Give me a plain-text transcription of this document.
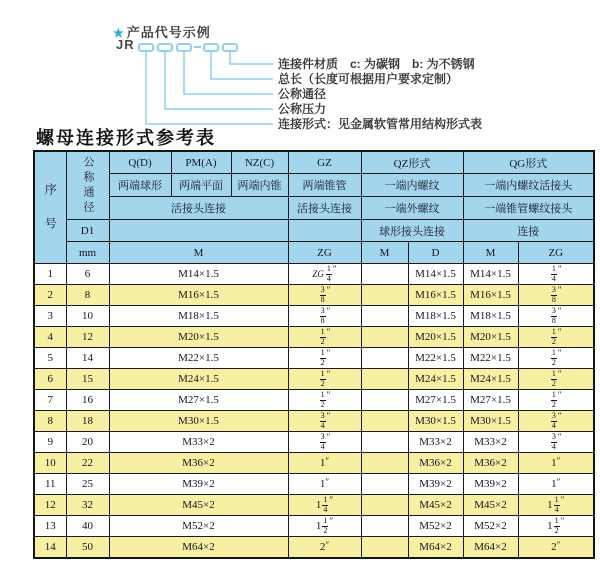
★ 产品代号示例
JR
连接件材质　c: 为碳钢　b: 为不锈钢
总长（长度可根据用户要求定制）
公称通径
公称压力
连接形式：见金属软管常用结构形式表
螺母连接形式参考表
序号	公称通径	Q(D)	PM(A)	NZ(C)	GZ	QZ形式		QG形式	
		两端球形	两端平面	两端内锥	两端锥管	一端内螺纹		一端内螺纹活接头	
		活接头连接			活接头连接	一端外螺纹		一端锥管螺纹接头	
	D1					球形接头连接		连接	
	mm	M			ZG	M	D	M	ZG
1	6	M14×1.5			ZG $\frac{1}{4} ''$		M14×1.5	M14×1.5	$\frac{1}{4} ''$
2	8	M16×1.5			$\frac{3}{8} ''$		M16×1.5	M16×1.5	$\frac{3}{8} ''$
3	10	M18×1.5			$\frac{3}{8} ''$		M18×1.5	M18×1.5	$\frac{3}{8} ''$
4	12	M20×1.5			$\frac{1}{2} ''$		M20×1.5	M20×1.5	$\frac{1}{2} ''$
5	14	M22×1.5			$\frac{1}{2} ''$		M22×1.5	M22×1.5	$\frac{1}{2} ''$
6	15	M24×1.5			$\frac{1}{2} ''$		M24×1.5	M24×1.5	$\frac{1}{2} ''$
7	16	M27×1.5			$\frac{1}{2} ''$		M27×1.5	M27×1.5	$\frac{1}{2} ''$
8	18	M30×1.5			$\frac{3}{4} ''$		M30×1.5	M30×1.5	$\frac{3}{4} ''$
9	20	M33×2			$\frac{3}{4} ''$		M33×2	M33×2	$\frac{3}{4} ''$
10	22	M36×2			1″		M36×2	M36×2	1″
11	25	M39×2			1″		M39×2	M39×2	1″
12	32	M45×2			$1 \frac{1}{4} ''$		M45×2	M45×2	$1 \frac{1}{4} ''$
13	40	M52×2			$1 \frac{1}{2} ''$		M52×2	M52×2	$1 \frac{1}{2} ''$
14	50	M64×2			2″		M64×2	M64×2	2″
